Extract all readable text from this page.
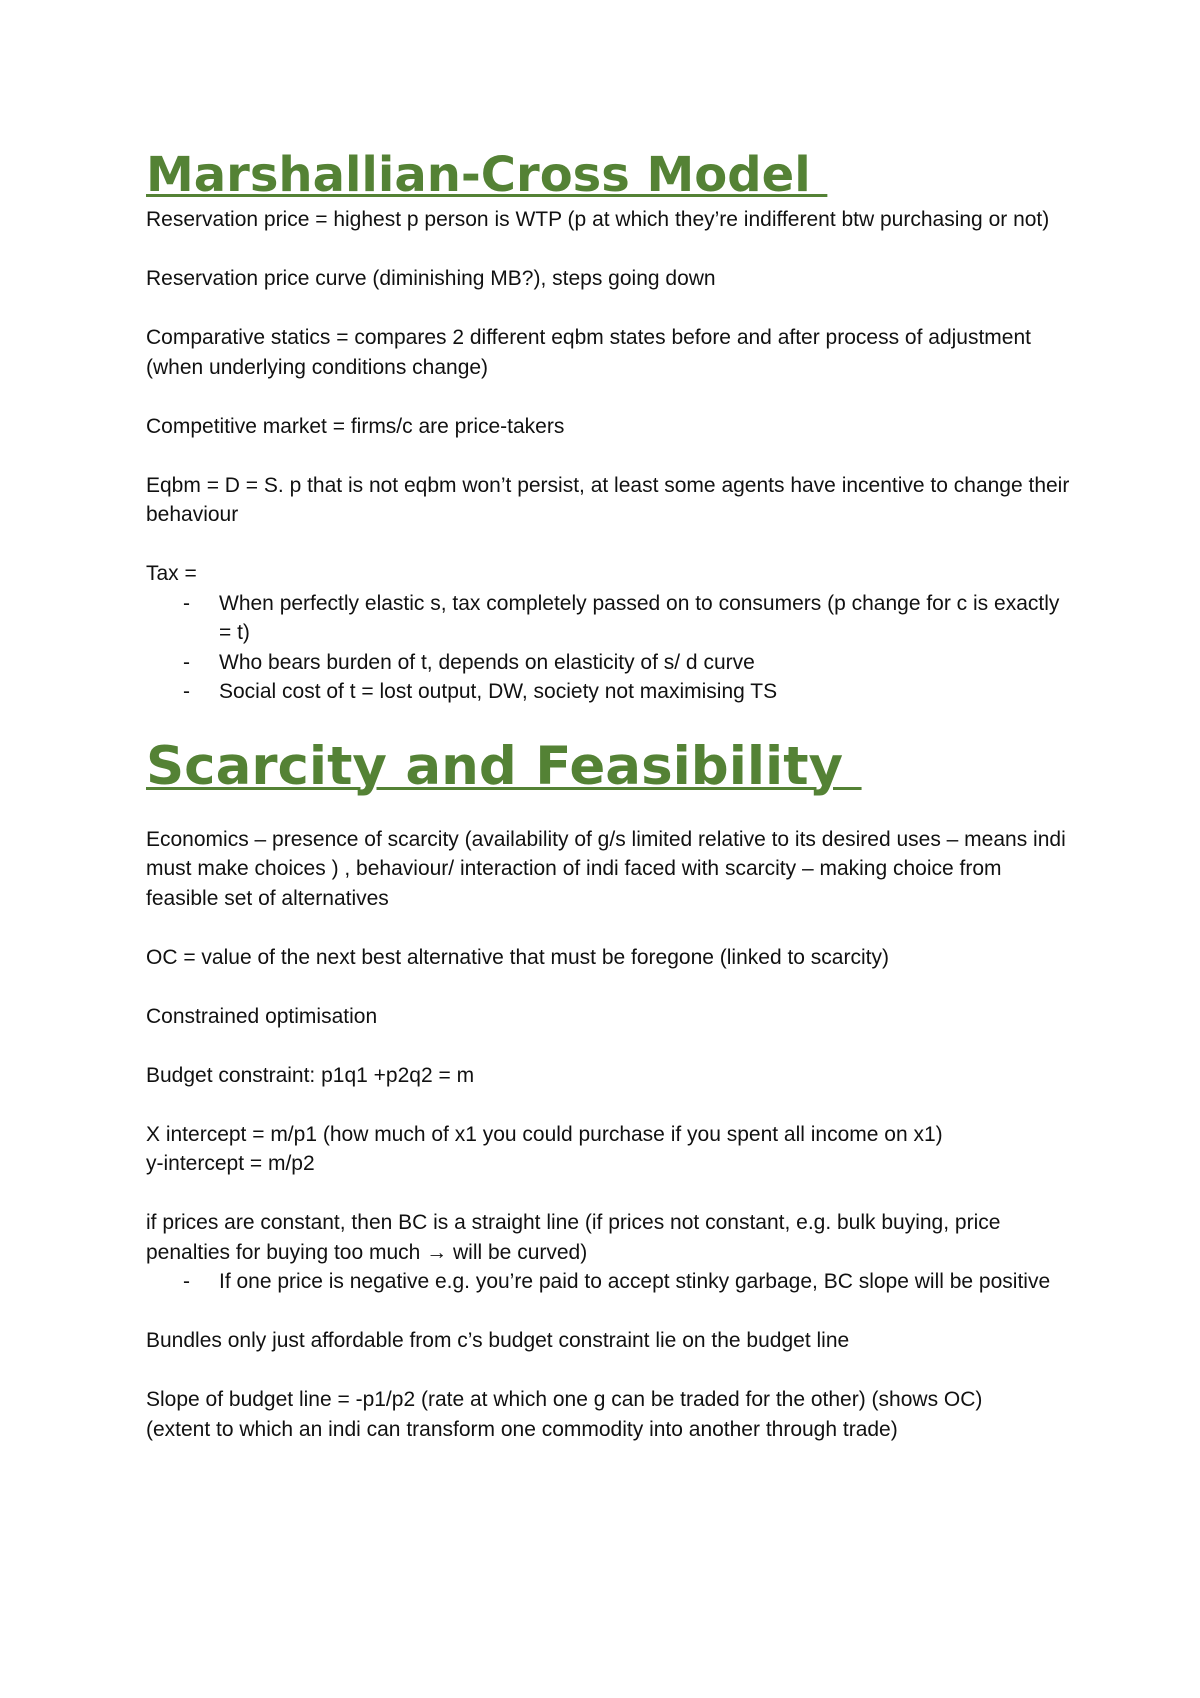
Marshallian-Cross Model

Reservation price = highest p person is WTP (p at which they’re indifferent btw purchasing or not)

Reservation price curve (diminishing MB?), steps going down

Comparative statics = compares 2 different eqbm states before and after process of adjustment (when underlying conditions change)

Competitive market = firms/c are price-takers

Eqbm = D = S. p that is not eqbm won’t persist, at least some agents have incentive to change their behaviour

Tax =

- When perfectly elastic s, tax completely passed on to consumers (p change for c is exactly = t)
- Who bears burden of t, depends on elasticity of s/ d curve
- Social cost of t = lost output, DW, society not maximising TS
Scarcity and Feasibility

Economics – presence of scarcity (availability of g/s limited relative to its desired uses – means indi must make choices ) , behaviour/ interaction of indi faced with scarcity – making choice from feasible set of alternatives

OC = value of the next best alternative that must be foregone (linked to scarcity)

Constrained optimisation

Budget constraint: p1q1 +p2q2 = m

X intercept = m/p1 (how much of x1 you could purchase if you spent all income on x1)

y-intercept = m/p2

if prices are constant, then BC is a straight line (if prices not constant, e.g. bulk buying, price penalties for buying too much → will be curved)

- If one price is negative e.g. you’re paid to accept stinky garbage, BC slope will be positive

Bundles only just affordable from c’s budget constraint lie on the budget line

Slope of budget line = -p1/p2 (rate at which one g can be traded for the other) (shows OC)

(extent to which an indi can transform one commodity into another through trade)
